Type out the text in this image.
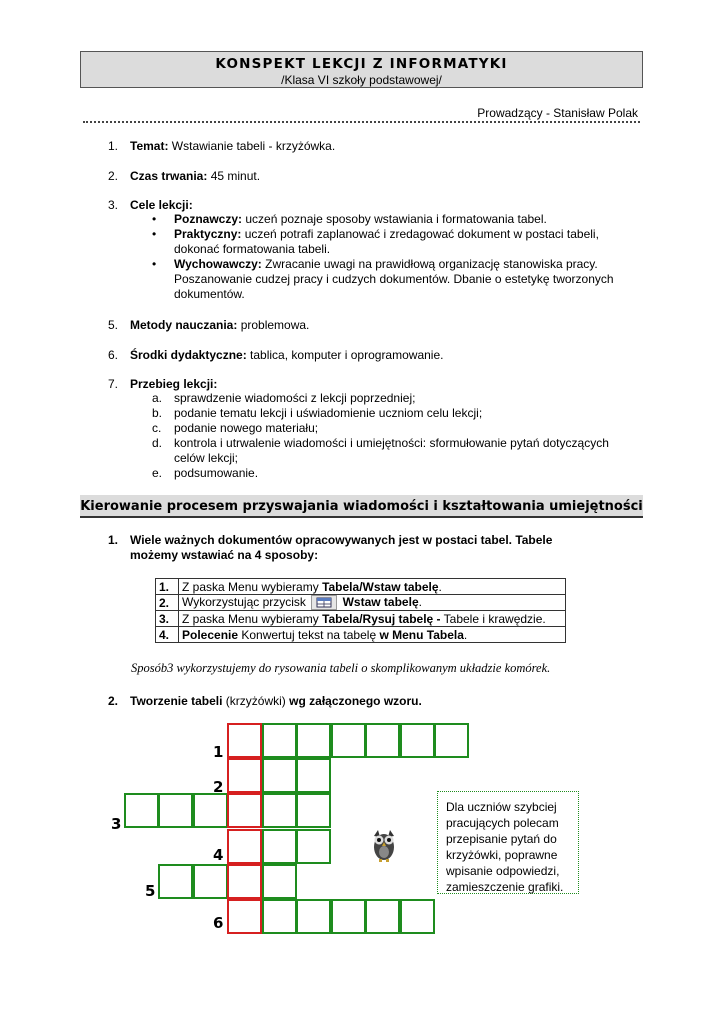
KONSPEKT LEKCJI Z INFORMATYKI
/Klasa VI szkoły podstawowej/
Prowadzący - Stanisław Polak
1. Temat: Wstawianie tabeli - krzyżówka.
2. Czas trwania: 45 minut.
3. Cele lekcji:
• Poznawczy: uczeń poznaje sposoby wstawiania i formatowania tabel.
• Praktyczny: uczeń potrafi zaplanować i zredagować dokument w postaci tabeli,
dokonać formatowania tabeli.
• Wychowawczy: Zwracanie uwagi na prawidłową organizację stanowiska pracy.
Poszanowanie cudzej pracy i cudzych dokumentów. Dbanie o estetykę tworzonych
dokumentów.
5. Metody nauczania: problemowa.
6. Środki dydaktyczne: tablica, komputer i oprogramowanie.
7. Przebieg lekcji:
a. sprawdzenie wiadomości z lekcji poprzedniej;
b. podanie tematu lekcji i uświadomienie uczniom celu lekcji;
c. podanie nowego materiału;
d. kontrola i utrwalenie wiadomości i umiejętności: sformułowanie pytań dotyczących
celów lekcji;
e. podsumowanie.
Kierowanie procesem przyswajania wiadomości i kształtowania umiejętności
1. Wiele ważnych dokumentów opracowywanych jest w postaci tabel. Tabele
możemy wstawiać na 4 sposoby:
1.	Z paska Menu wybieramy Tabela/Wstaw tabelę.
2.	Wykorzystując przycisk Wstaw tabelę.
3.	Z paska Menu wybieramy Tabela/Rysuj tabelę - Tabele i krawędzie.
4.	Polecenie Konwertuj tekst na tabelę w Menu Tabela.
Sposób3 wykorzystujemy do rysowania tabeli o skomplikowanym układzie komórek.
2. Tworzenie tabeli (krzyżówki) wg załączonego wzoru.
1
2
3
4
5
6
Dla uczniów szybciej
pracujących polecam
przepisanie pytań do
krzyżówki, poprawne
wpisanie odpowiedzi,
zamieszczenie grafiki.
